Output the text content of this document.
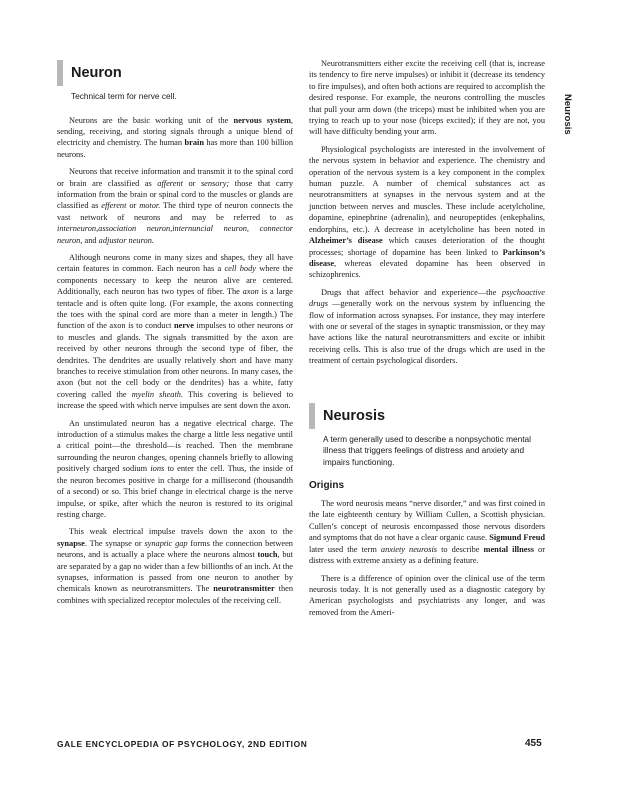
Neurosis
Neuron
Technical term for nerve cell.

Neurons are the basic working unit of the nervous system, sending, receiving, and storing signals through a unique blend of electricity and chemistry. The human brain has more than 100 billion neurons.

Neurons that receive information and transmit it to the spinal cord or brain are classified as afferent or sensory; those that carry information from the brain or spinal cord to the muscles or glands are classified as efferent or motor. The third type of neuron connects the vast network of neurons and may be referred to as interneuron,association neuron,internuncial neuron, connector neuron, and adjustor neuron.

Although neurons come in many sizes and shapes, they all have certain features in common. Each neuron has a cell body where the components necessary to keep the neuron alive are centered. Additionally, each neuron has two types of fiber. The axon is a large tentacle and is often quite long. (For example, the axons connecting the toes with the spinal cord are more than a meter in length.) The function of the axon is to conduct nerve impulses to other neurons or to muscles and glands. The signals transmitted by the axon are received by other neurons through the second type of fiber, the dendrites. The dendrites are usually relatively short and have many branches to receive stimulation from other neurons. In many cases, the axon (but not the cell body or the dendrites) has a white, fatty covering called the myelin sheath. This covering is believed to increase the speed with which nerve impulses are sent down the axon.

An unstimulated neuron has a negative electrical charge. The introduction of a stimulus makes the charge a little less negative until a critical point—the threshold—is reached. Then the membrane surrounding the neuron changes, opening channels briefly to allowing positively charged sodium ions to enter the cell. Thus, the inside of the neuron becomes positive in charge for a millisecond (thousandth of a second) or so. This brief change in electrical charge is the nerve impulse, or spike, after which the neuron is restored to its original resting charge.

This weak electrical impulse travels down the axon to the synapse. The synapse or synaptic gap forms the connection between neurons, and is actually a place where the neurons almost touch, but are separated by a gap no wider than a few billionths of an inch. At the synapses, information is passed from one neuron to another by chemicals known as neurotransmitters. The neurotransmitter then combines with specialized receptor molecules of the receiving cell.

Neurotransmitters either excite the receiving cell (that is, increase its tendency to fire nerve impulses) or inhibit it (decrease its tendency to fire impulses), and often both actions are required to accomplish the desired response. For example, the neurons controlling the muscles that pull your arm down (the triceps) must be inhibited when you are trying to reach up to your nose (biceps excited); if they are not, you will have difficulty bending your arm.

Physiological psychologists are interested in the involvement of the nervous system in behavior and experience. The chemistry and operation of the nervous system is a key component in the complex human puzzle. A number of chemical substances act as neurotransmitters at synapses in the nervous system and at the junction between nerves and muscles. These include acetylcholine, dopamine, epinephrine (adrenalin), and neuropeptides (enkephalins, endorphins, etc.). A decrease in acetylcholine has been noted in Alzheimer’s disease which causes deterioration of the thought processes; shortage of dopamine has been linked to Parkinson’s disease, whereas elevated dopamine has been observed in schizophrenics.

Drugs that affect behavior and experience—the psychoactive drugs —generally work on the nervous system by influencing the flow of information across synapses. For instance, they may interfere with one or several of the stages in synaptic transmission, or they may have actions like the natural neurotransmitters and excite or inhibit receiving cells. This is also true of the drugs which are used in the treatment of certain psychological disorders.

Neurosis
A term generally used to describe a nonpsychotic mental illness that triggers feelings of distress and anxiety and impairs functioning.
Origins

The word neurosis means “nerve disorder,” and was first coined in the late eighteenth century by William Cullen, a Scottish physician. Cullen’s concept of neurosis encompassed those nervous disorders and symptoms that do not have a clear organic cause. Sigmund Freud later used the term anxiety neurosis to describe mental illness or distress with extreme anxiety as a defining feature.

There is a difference of opinion over the clinical use of the term neurosis today. It is not generally used as a diagnostic category by American psychologists and psychiatrists any longer, and was removed from the Ameri-

GALE ENCYCLOPEDIA OF PSYCHOLOGY, 2ND EDITION	455
